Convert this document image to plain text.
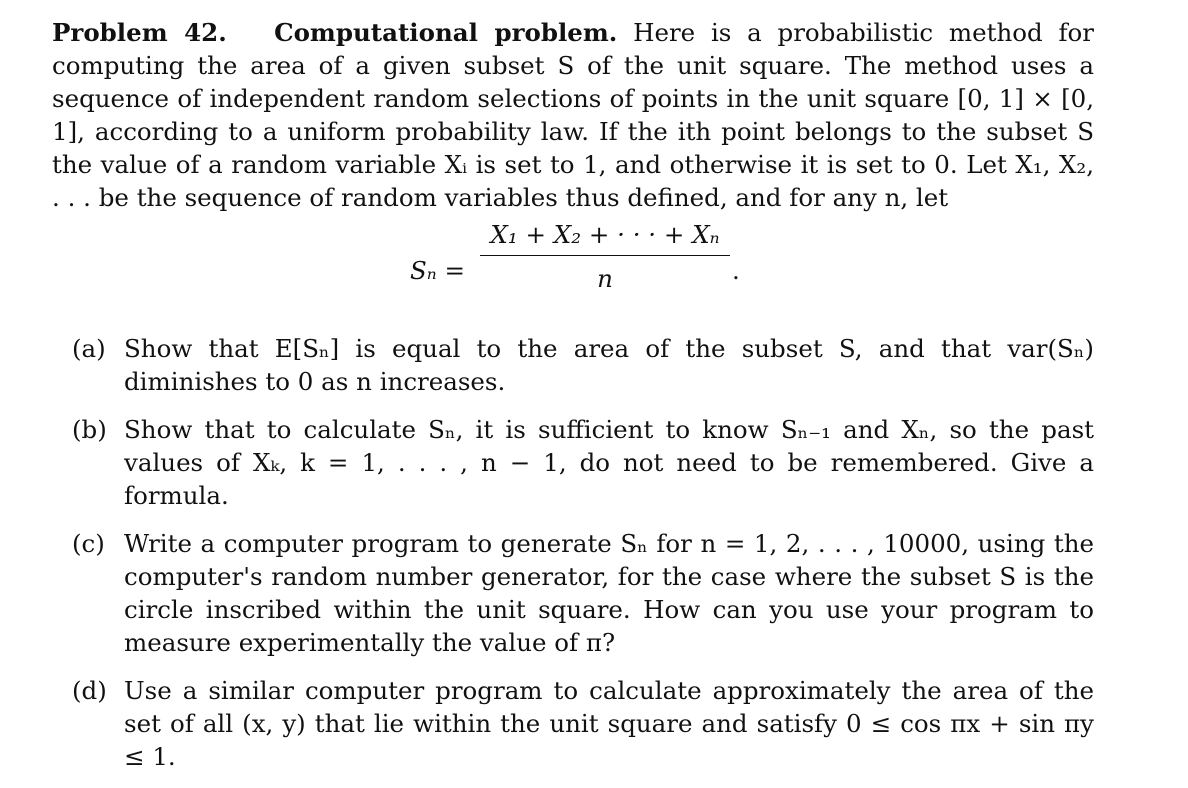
Problem 42. Computational problem. Here is a probabilistic method for computing the area of a given subset S of the unit square. The method uses a sequence of independent random selections of points in the unit square [0, 1] × [0, 1], according to a uniform probability law. If the ith point belongs to the subset S the value of a random variable Xᵢ is set to 1, and otherwise it is set to 0. Let X₁, X₂, . . . be the sequence of random variables thus defined, and for any n, let

Sₙ =
X₁ + X₂ + · · · + Xₙ
n	.
(a) Show that E[Sₙ] is equal to the area of the subset S, and that var(Sₙ) diminishes to 0 as n increases.
(b) Show that to calculate Sₙ, it is sufficient to know Sₙ₋₁ and Xₙ, so the past values of Xₖ, k = 1, . . . , n − 1, do not need to be remembered. Give a formula.
(c) Write a computer program to generate Sₙ for n = 1, 2, . . . , 10000, using the computer's random number generator, for the case where the subset S is the circle inscribed within the unit square. How can you use your program to measure experimentally the value of π?
(d) Use a similar computer program to calculate approximately the area of the set of all (x, y) that lie within the unit square and satisfy 0 ≤ cos πx + sin πy ≤ 1.
